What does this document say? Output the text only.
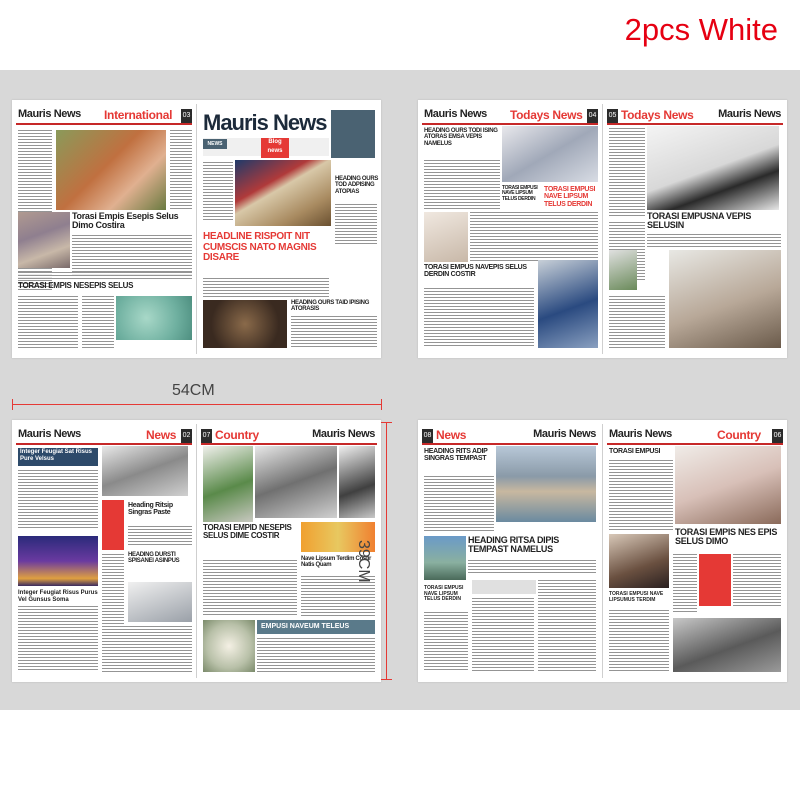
2pcs White
Mauris News International 03
Torasi Empis Esepis Selus Dimo Costira
TORASI EMPIS NESEPIS SELUS
Mauris News
NEWS	Blog news
HEADING OURS TOD ADPISING ATOPIAS
HEADLINE RISPOIT NIT CUMSCIS NATO MAGNIS DISARE
HEADING OURS TAID IPISING ATORASIS
Mauris News Todays News 04
HEADING OURS TODI ISING ATORAS EMSA VEPIS NAMELUS
TORASI EMPUSI NAVE LIPSUM TELUS DERDIN
TORASI EMPUSI NAVE LIPSUM TELUS DERDIN
TORASI EMPUS NAVEPIS SELUS DERDIN COSTIR
05 Todays News Mauris News
TORASI EMPUSNA VEPIS SELUSIN
54CM
Mauris News	News 02
Integer Feugiat Sat Risus Pure Velsus
Heading Ritsip Singras Paste
HEADING DURSTI SPISANEI ASINPUS
Integer Feugiat Risus Purus Vel Gunsus Soma
07 Country	Mauris News
TORASI EMPID NESEPIS SELUS DIME COSTIR
Nave Lipsum Terdim Costir Natis Quam
EMPUSI NAVEUM TELEUS
39CM
08 News	Mauris News
HEADING RITS ADIP SINGRAS TEMPAST
HEADING RITSA DIPIS TEMPAST NAMELUS
TORASI EMPUSI NAVE LIPSUM TELUS DERDIN
Mauris News	Country 06
TORASI EMPUSI
TORASI EMPIS NES EPIS SELUS DIMO
TORASI EMPUSI NAVE LIPSUMUS TERDIM
